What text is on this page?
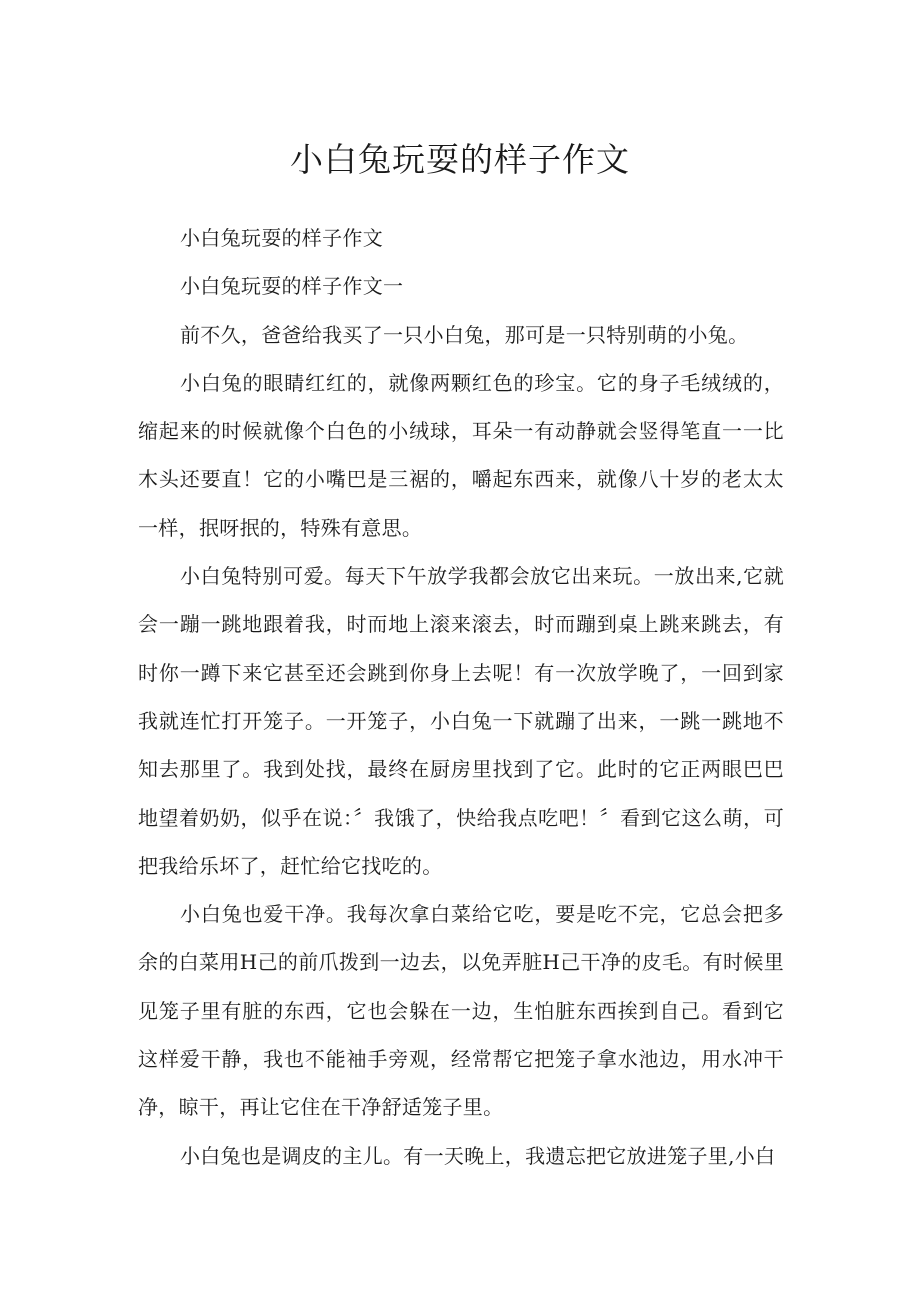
小白兔玩耍的样子作文

小白兔玩耍的样子作文

小白兔玩耍的样子作文一

前不久，爸爸给我买了一只小白兔，那可是一只特别萌的小兔。

小白兔的眼睛红红的，就像两颗红色的珍宝。它的身子毛绒绒的，缩起来的时候就像个白色的小绒球，耳朵一有动静就会竖得笔直一一比木头还要直！它的小嘴巴是三裾的，嚼起东西来，就像八十岁的老太太一样，抿呀抿的，特殊有意思。

小白兔特别可爱。每天下午放学我都会放它出来玩。一放出来,它就会一蹦一跳地跟着我，时而地上滚来滚去，时而蹦到桌上跳来跳去，有时你一蹲下来它甚至还会跳到你身上去呢！有一次放学晚了，一回到家我就连忙打开笼子。一开笼子，小白兔一下就蹦了出来，一跳一跳地不知去那里了。我到处找，最终在厨房里找到了它。此时的它正两眼巴巴地望着奶奶，似乎在说：〞我饿了，快给我点吃吧！〞看到它这么萌，可把我给乐坏了，赶忙给它找吃的。

小白兔也爱干净。我每次拿白菜给它吃，要是吃不完，它总会把多余的白菜用H己的前爪拨到一边去，以免弄脏H己干净的皮毛。有时候里见笼子里有脏的东西，它也会躲在一边，生怕脏东西挨到自己。看到它这样爱干静，我也不能袖手旁观，经常帮它把笼子拿水池边，用水冲干净，晾干，再让它住在干净舒适笼子里。

小白兔也是调皮的主儿。有一天晚上，我遗忘把它放进笼子里,小白
